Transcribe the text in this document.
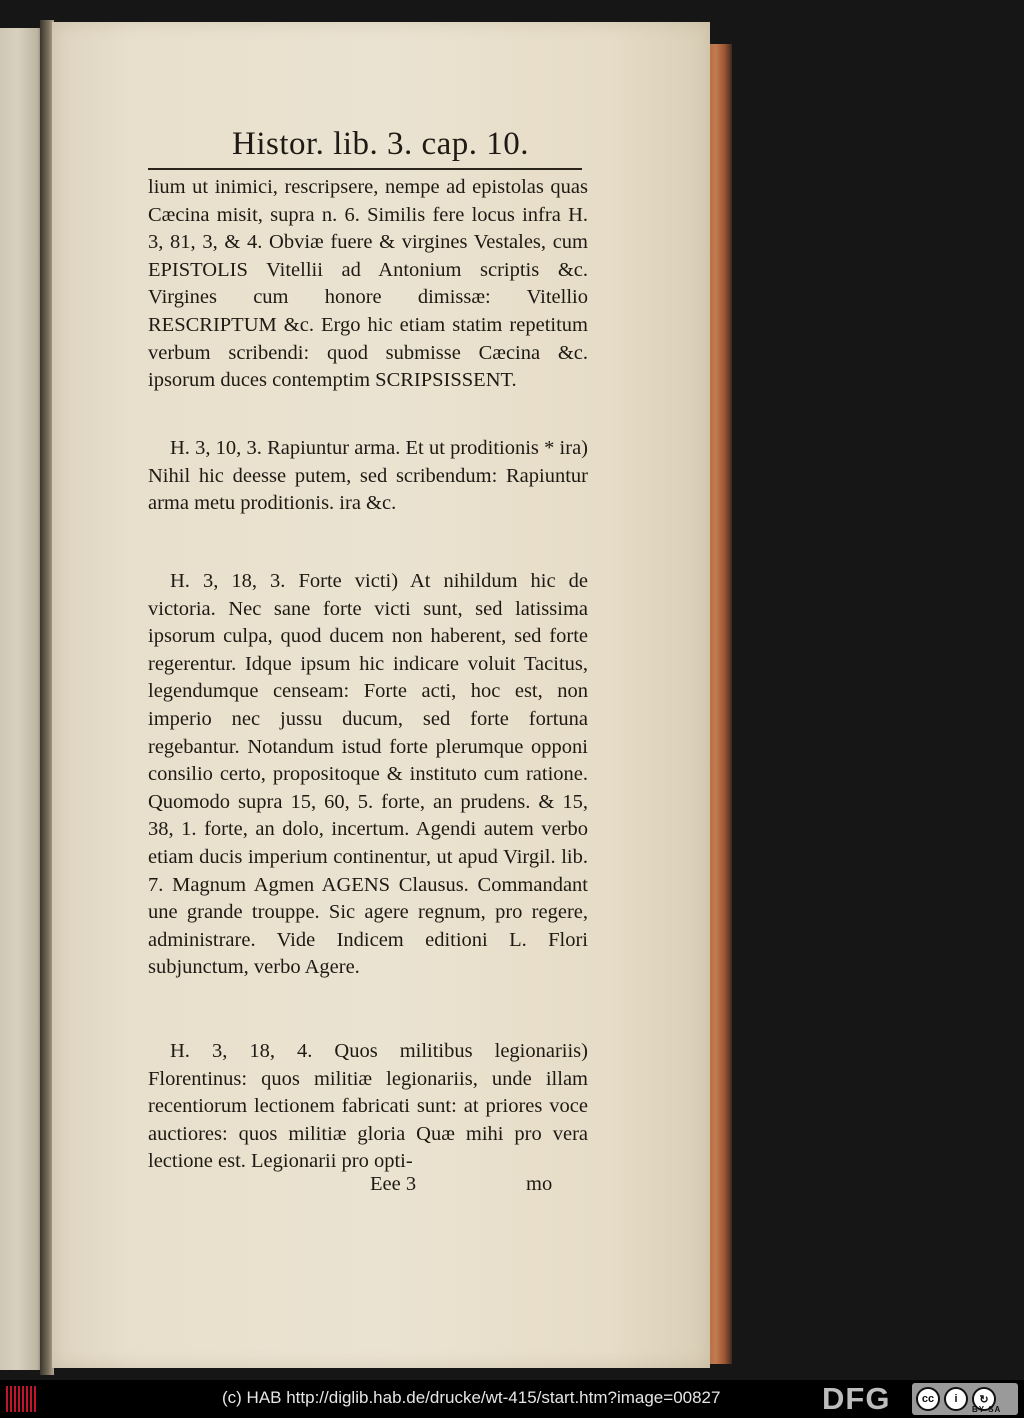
Histor. lib. 3. cap. 10.

lium ut inimici, rescripsere, nempe ad epistolas quas Cæcina misit, supra n. 6. Similis fere locus infra H. 3, 81, 3, & 4. Obviæ fuere & virgines Vestales, cum EPISTOLIS Vitellii ad Antonium scriptis &c. Virgines cum honore dimissæ: Vitellio RESCRIPTUM &c. Ergo hic etiam statim repetitum verbum scribendi: quod submisse Cæcina &c. ipsorum duces contemptim SCRIPSISSENT.

H. 3, 10, 3. Rapiuntur arma. Et ut proditionis * ira) Nihil hic deesse putem, sed scribendum: Rapiuntur arma metu proditionis. ira &c.

H. 3, 18, 3. Forte victi) At nihildum hic de victoria. Nec sane forte victi sunt, sed latissima ipsorum culpa, quod ducem non haberent, sed forte regerentur. Idque ipsum hic indicare voluit Tacitus, legendumque censeam: Forte acti, hoc est, non imperio nec jussu ducum, sed forte fortuna regebantur. Notandum istud forte plerumque opponi consilio certo, propositoque & instituto cum ratione. Quomodo supra 15, 60, 5. forte, an prudens. & 15, 38, 1. forte, an dolo, incertum. Agendi autem verbo etiam ducis imperium continentur, ut apud Virgil. lib. 7. Magnum Agmen AGENS Clausus. Commandant une grande trouppe. Sic agere regnum, pro regere, administrare. Vide Indicem editioni L. Flori subjunctum, verbo Agere.

H. 3, 18, 4. Quos militibus legionariis) Florentinus: quos militiæ legionariis, unde illam recentiorum lectionem fabricati sunt: at priores voce auctiores: quos militiæ gloria Quæ mihi pro vera lectione est. Legionarii pro opti-

Eee 3	mo
(c) HAB http://diglib.hab.de/drucke/wt-415/start.htm?image=00827	DFG	cc	i	↻
BY SA
